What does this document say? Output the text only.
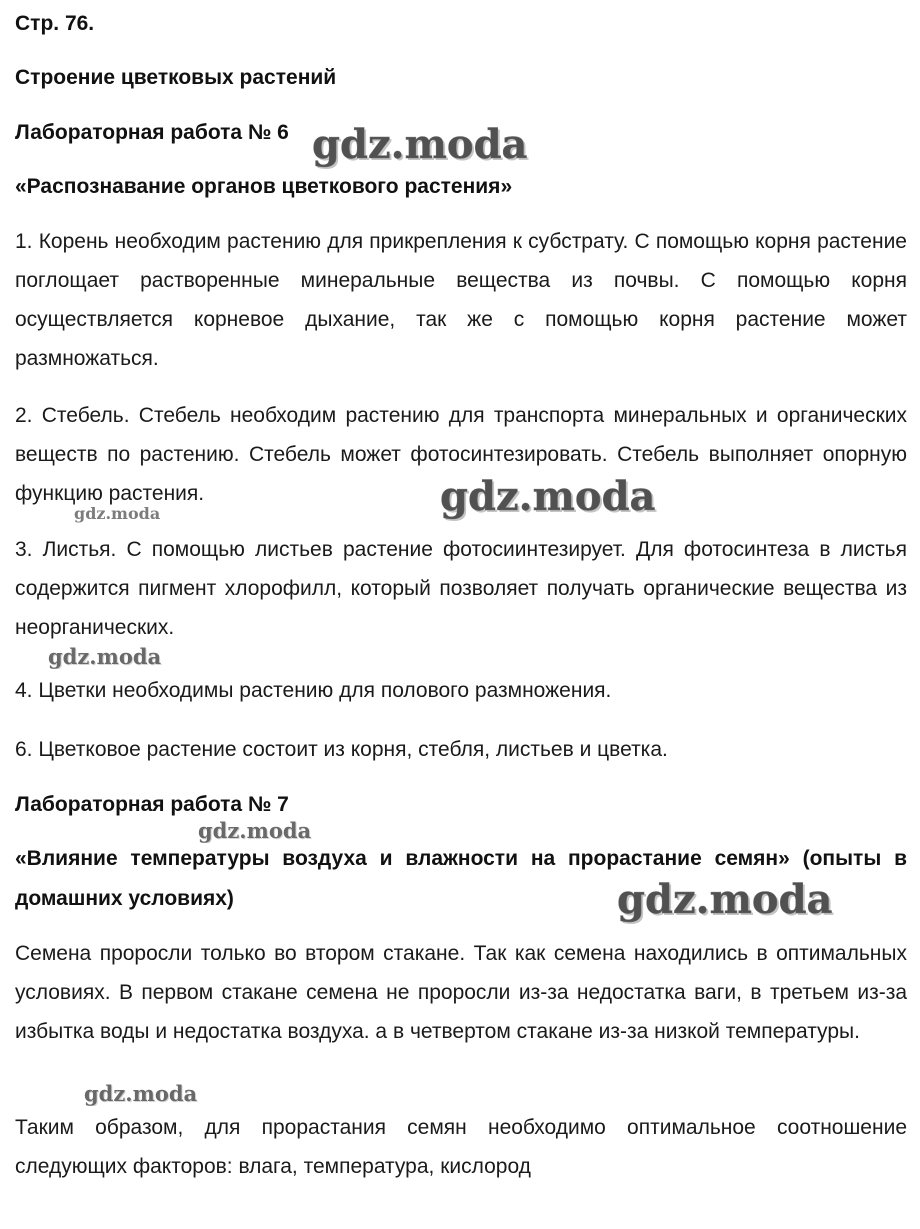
Стр. 76.
Строение цветковых растений
Лабораторная работа № 6
«Распознавание органов цветкового растения»
1. Корень необходим растению для прикрепления к субстрату. С помощью корня растение поглощает растворенные минеральные вещества из почвы. С помощью корня осуществляется корневое дыхание, так же с помощью корня растение может размножаться.
2. Стебель. Стебель необходим растению для транспорта минеральных и органических веществ по растению. Стебель может фотосинтезировать. Стебель выполняет опорную функцию растения.
3. Листья. С помощью листьев растение фотосиинтезирует. Для фотосинтеза в листья содержится пигмент хлорофилл, который позволяет получать органические вещества из неорганических.
4. Цветки необходимы растению для полового размножения.
6. Цветковое растение состоит из корня, стебля, листьев и цветка.
Лабораторная работа № 7
«Влияние температуры воздуха и влажности на прорастание семян» (опыты в домашних условиях)
Семена проросли только во втором стакане. Так как семена находились в оптимальных условиях. В первом стакане семена не проросли из-за недостатка ваги, в третьем из-за избытка воды и недостатка воздуха. а в четвертом стакане из-за низкой температуры.
Таким образом, для прорастания семян необходимо оптимальное соотношение следующих факторов: влага, температура, кислород
gdz.moda
gdz.moda
gdz.moda
gdz.moda
gdz.moda
gdz.moda
gdz.moda
